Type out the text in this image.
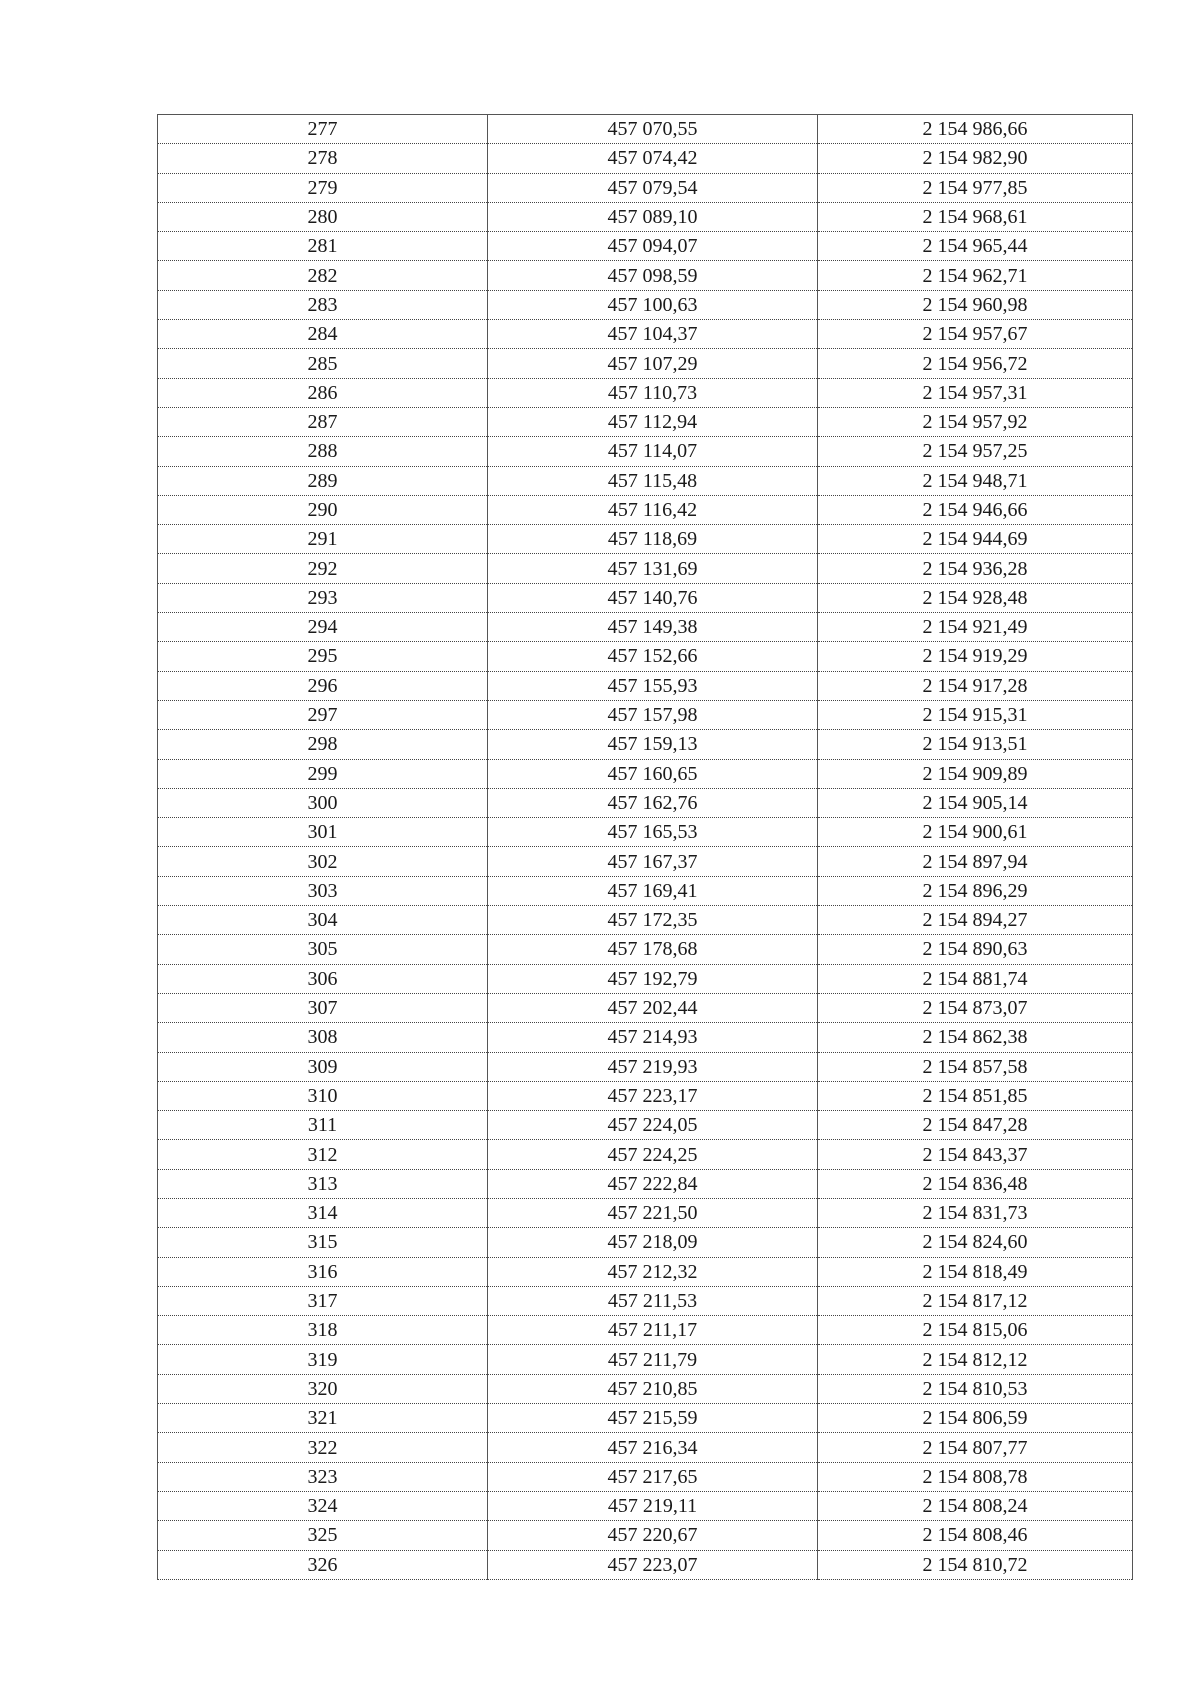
277	457 070,55	2 154 986,66
278	457 074,42	2 154 982,90
279	457 079,54	2 154 977,85
280	457 089,10	2 154 968,61
281	457 094,07	2 154 965,44
282	457 098,59	2 154 962,71
283	457 100,63	2 154 960,98
284	457 104,37	2 154 957,67
285	457 107,29	2 154 956,72
286	457 110,73	2 154 957,31
287	457 112,94	2 154 957,92
288	457 114,07	2 154 957,25
289	457 115,48	2 154 948,71
290	457 116,42	2 154 946,66
291	457 118,69	2 154 944,69
292	457 131,69	2 154 936,28
293	457 140,76	2 154 928,48
294	457 149,38	2 154 921,49
295	457 152,66	2 154 919,29
296	457 155,93	2 154 917,28
297	457 157,98	2 154 915,31
298	457 159,13	2 154 913,51
299	457 160,65	2 154 909,89
300	457 162,76	2 154 905,14
301	457 165,53	2 154 900,61
302	457 167,37	2 154 897,94
303	457 169,41	2 154 896,29
304	457 172,35	2 154 894,27
305	457 178,68	2 154 890,63
306	457 192,79	2 154 881,74
307	457 202,44	2 154 873,07
308	457 214,93	2 154 862,38
309	457 219,93	2 154 857,58
310	457 223,17	2 154 851,85
311	457 224,05	2 154 847,28
312	457 224,25	2 154 843,37
313	457 222,84	2 154 836,48
314	457 221,50	2 154 831,73
315	457 218,09	2 154 824,60
316	457 212,32	2 154 818,49
317	457 211,53	2 154 817,12
318	457 211,17	2 154 815,06
319	457 211,79	2 154 812,12
320	457 210,85	2 154 810,53
321	457 215,59	2 154 806,59
322	457 216,34	2 154 807,77
323	457 217,65	2 154 808,78
324	457 219,11	2 154 808,24
325	457 220,67	2 154 808,46
326	457 223,07	2 154 810,72
